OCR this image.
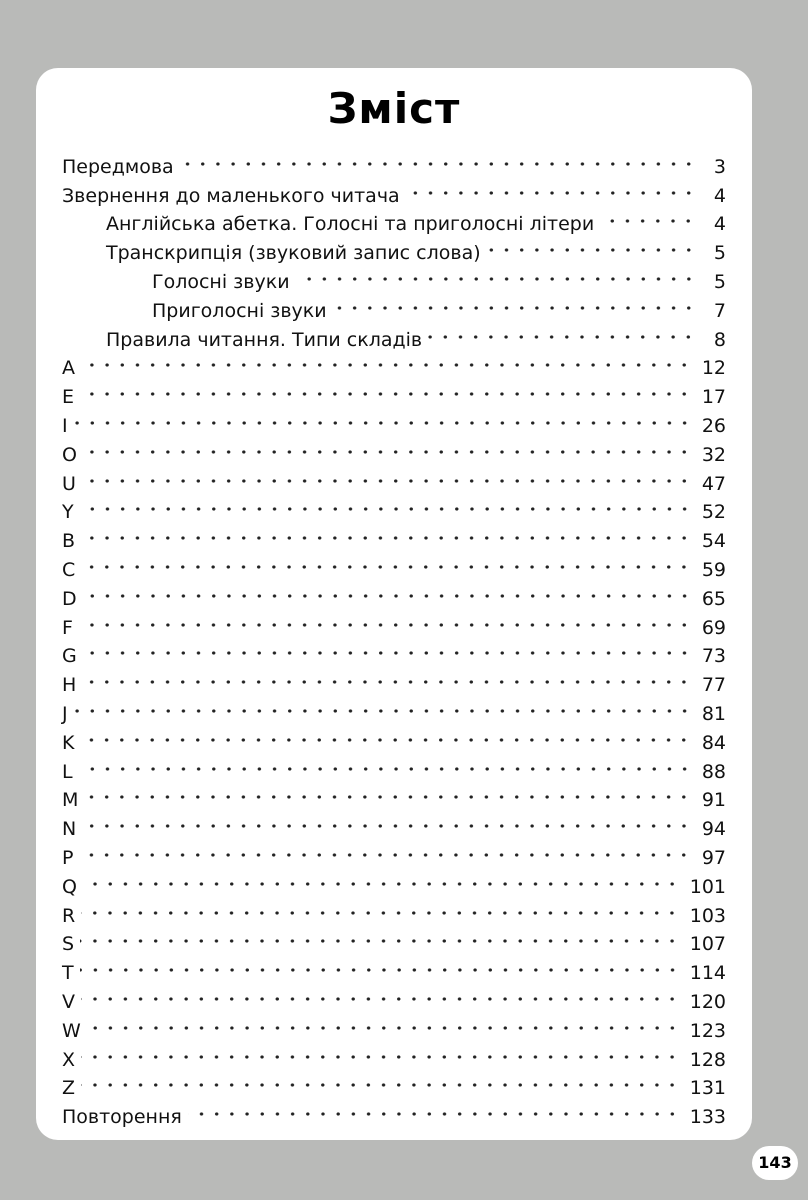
Зміст
Передмова	3
Звернення до маленького читача	4
Англійська абетка. Голосні та приголосні літери	4
Транскрипція (звуковий запис слова)	5
Голосні звуки	5
Приголосні звуки	7
Правила читання. Типи складів	8
A	12
E	17
I	26
O	32
U	47
Y	52
B	54
C	59
D	65
F	69
G	73
H	77
J	81
K	84
L	88
M	91
N	94
P	97
Q	101
R	103
S	107
T	114
V	120
W	123
X	128
Z	131
Повторення	133
143
